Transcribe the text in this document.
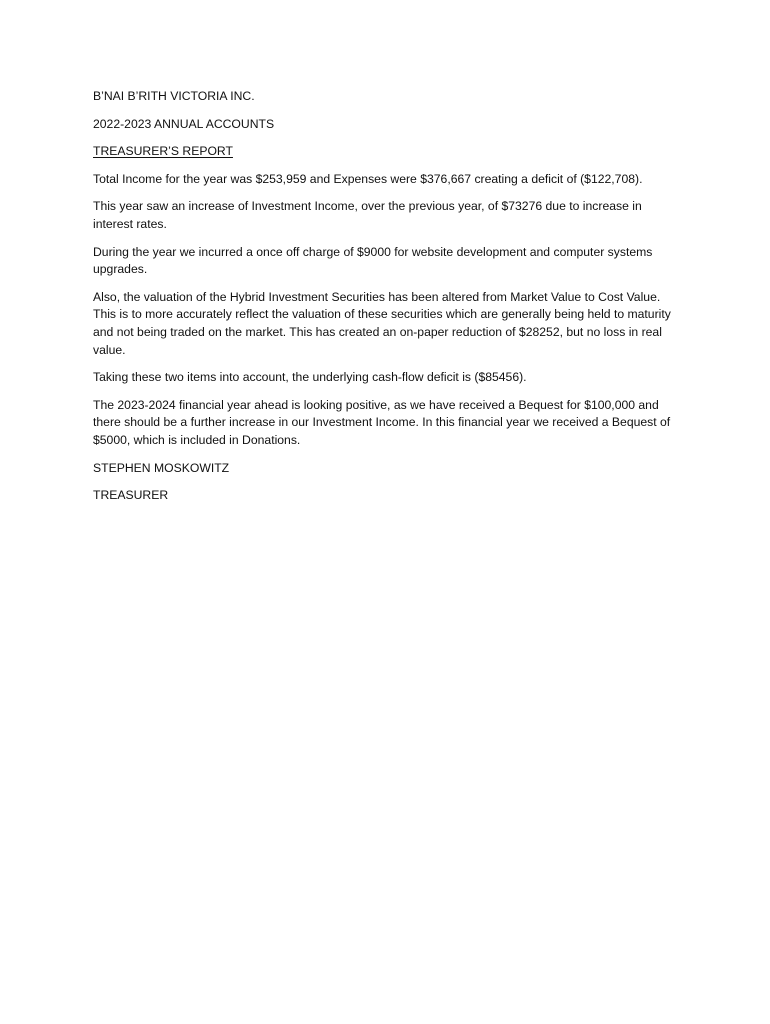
B’NAI B’RITH VICTORIA INC.
2022-2023 ANNUAL ACCOUNTS
TREASURER’S REPORT

Total Income for the year was $253,959 and Expenses were $376,667 creating a deficit of ($122,708).

This year saw an increase of Investment Income, over the previous year, of $73276 due to increase in interest rates.

During the year we incurred a once off charge of $9000 for website development and computer systems upgrades.

Also, the valuation of the Hybrid Investment Securities has been altered from Market Value to Cost Value. This is to more accurately reflect the valuation of these securities which are generally being held to maturity and not being traded on the market. This has created an on-paper reduction of $28252, but no loss in real value.

Taking these two items into account, the underlying cash-flow deficit is ($85456).

The 2023-2024 financial year ahead is looking positive, as we have received a Bequest for $100,000 and there should be a further increase in our Investment Income. In this financial year we received a Bequest of $5000, which is included in Donations.

STEPHEN MOSKOWITZ
TREASURER
